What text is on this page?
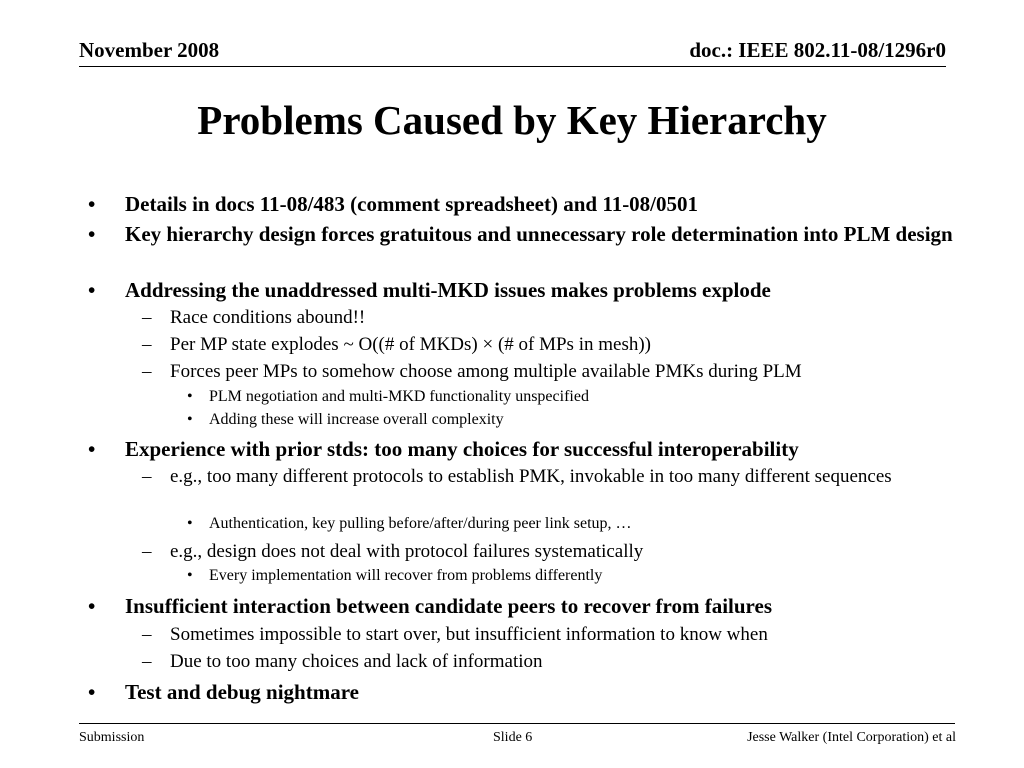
November 2008	doc.: IEEE 802.11-08/1296r0
Problems Caused by Key Hierarchy
• Details in docs 11-08/483 (comment spreadsheet) and 11-08/0501
• Key hierarchy design forces gratuitous and unnecessary role determination into PLM design
• Addressing the unaddressed multi-MKD issues makes problems explode
– Race conditions abound!!
– Per MP state explodes ~ O((# of MKDs) × (# of MPs in mesh))
– Forces peer MPs to somehow choose among multiple available PMKs during PLM
• PLM negotiation and multi-MKD functionality unspecified
• Adding these will increase overall complexity
• Experience with prior stds: too many choices for successful interoperability
– e.g., too many different protocols to establish PMK, invokable in too many different sequences
• Authentication, key pulling before/after/during peer link setup, …
– e.g., design does not deal with protocol failures systematically
• Every implementation will recover from problems differently
• Insufficient interaction between candidate peers to recover from failures
– Sometimes impossible to start over, but insufficient information to know when
– Due to too many choices and lack of information
• Test and debug nightmare
Submission	Slide 6	Jesse Walker (Intel Corporation) et al
